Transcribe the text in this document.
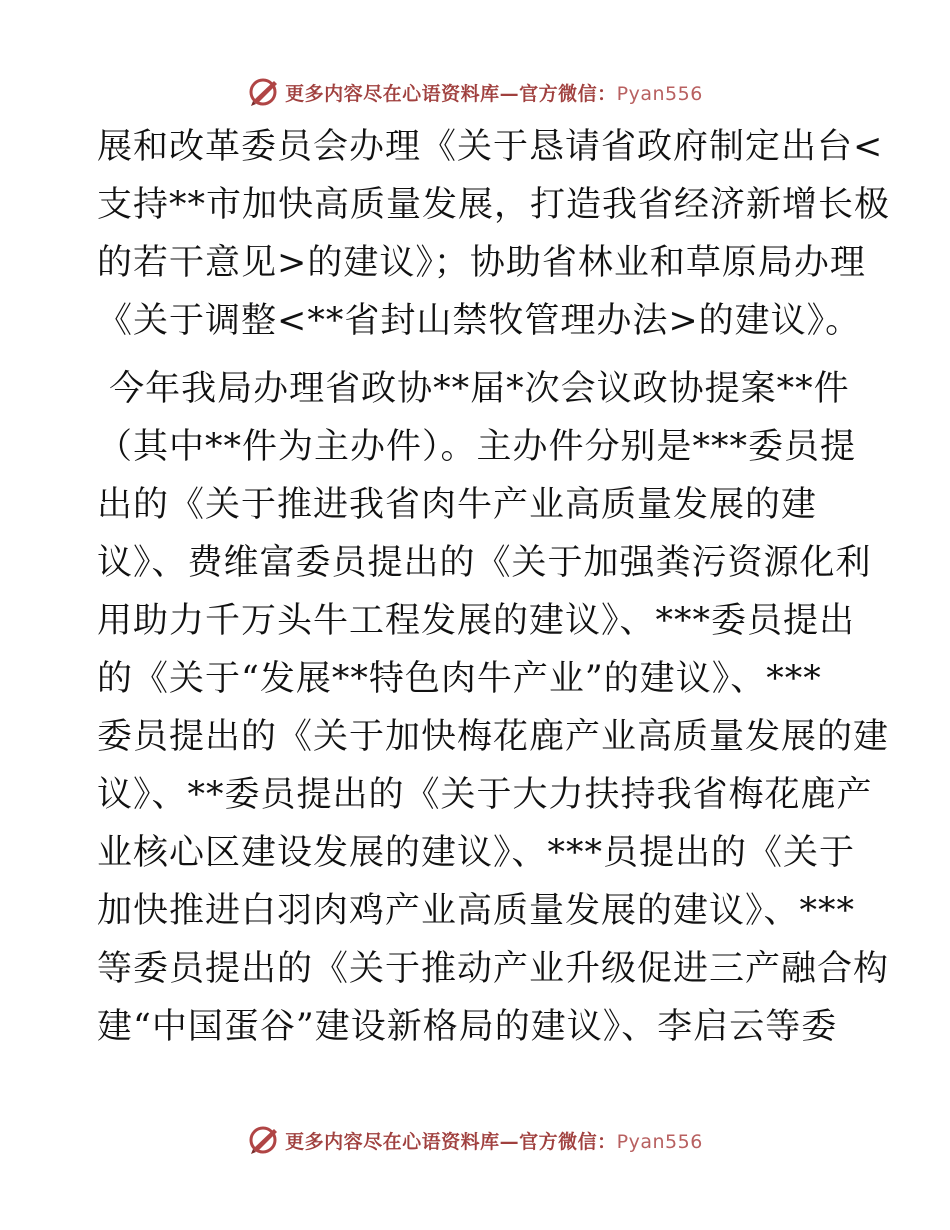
更多内容尽在心语资料库—官方微信：Pyan556
展和改革委员会办理《关于恳请省政府制定出台<
支持**市加快高质量发展，打造我省经济新增长极
的若干意见>的建议》；协助省林业和草原局办理
《关于调整<**省封山禁牧管理办法>的建议》。
今年我局办理省政协**届*次会议政协提案**件
（其中**件为主办件）。主办件分别是***委员提
出的《关于推进我省肉牛产业高质量发展的建
议》、费维富委员提出的《关于加强粪污资源化利
用助力千万头牛工程发展的建议》、***委员提出
的《关于“发展**特色肉牛产业”的建议》、***
委员提出的《关于加快梅花鹿产业高质量发展的建
议》、**委员提出的《关于大力扶持我省梅花鹿产
业核心区建设发展的建议》、***员提出的《关于
加快推进白羽肉鸡产业高质量发展的建议》、***
等委员提出的《关于推动产业升级促进三产融合构
建“中国蛋谷”建设新格局的建议》、李启云等委
更多内容尽在心语资料库—官方微信：Pyan556
